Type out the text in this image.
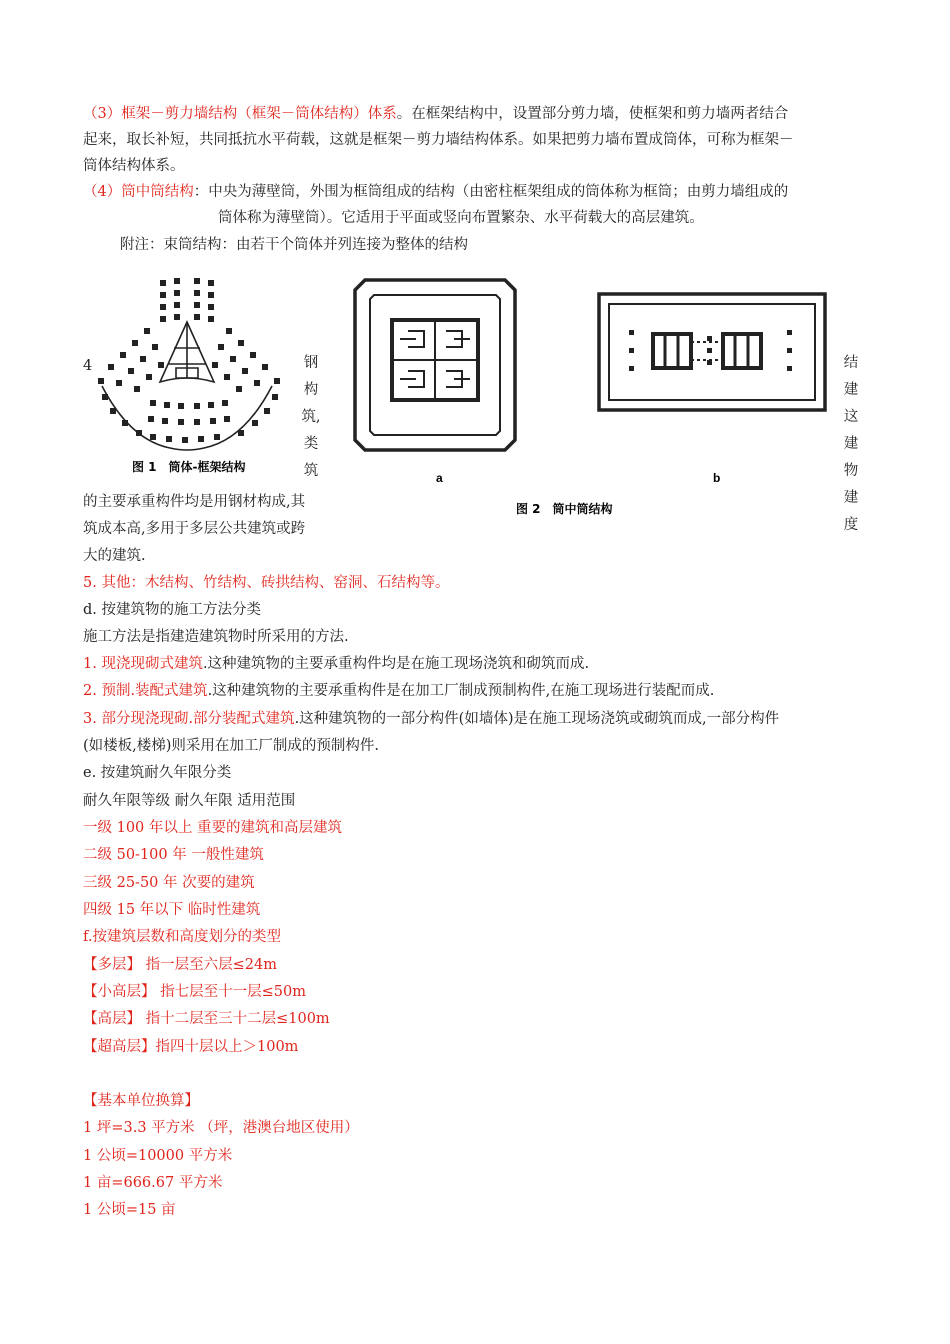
（3）框架－剪力墙结构（框架－筒体结构）体系。在框架结构中，设置部分剪力墙，使框架和剪力墙两者结合
起来，取长补短，共同抵抗水平荷载，这就是框架－剪力墙结构体系。如果把剪力墙布置成筒体，可称为框架－
筒体结构体系。
（4）筒中筒结构：中央为薄壁筒，外围为框筒组成的结构（由密柱框架组成的筒体称为框筒；由剪力墙组成的
筒体称为薄壁筒）。它适用于平面或竖向布置繁杂、水平荷载大的高层建筑。
附注：束筒结构：由若干个筒体并列连接为整体的结构
图 1　筒体-框架结构
4	钢
构
筑,
类
筑
结
建
这
建
物
建
度
的主要承重构件均是用钢材构成,其
筑成本高,多用于多层公共建筑或跨
大的建筑.
a	b
图 2　筒中筒结构
5. 其他：木结构、竹结构、砖拱结构、窑洞、石结构等。
d. 按建筑物的施工方法分类
施工方法是指建造建筑物时所采用的方法.
1. 现浇现砌式建筑.这种建筑物的主要承重构件均是在施工现场浇筑和砌筑而成.
2. 预制.装配式建筑.这种建筑物的主要承重构件是在加工厂制成预制构件,在施工现场进行装配而成.
3. 部分现浇现砌.部分装配式建筑.这种建筑物的一部分构件(如墙体)是在施工现场浇筑或砌筑而成,一部分构件
(如楼板,楼梯)则采用在加工厂制成的预制构件.
e. 按建筑耐久年限分类
耐久年限等级 耐久年限 适用范围
一级 100 年以上 重要的建筑和高层建筑
二级 50-100 年 一般性建筑
三级 25-50 年 次要的建筑
四级 15 年以下 临时性建筑
f.按建筑层数和高度划分的类型
【多层】 指一层至六层≤24m
【小高层】 指七层至十一层≤50m
【高层】 指十二层至三十二层≤100m
【超高层】指四十层以上＞100m
【基本单位换算】
1 坪=3.3 平方米 （坪，港澳台地区使用）
1 公顷=10000 平方米
1 亩=666.67 平方米
1 公顷=15 亩
